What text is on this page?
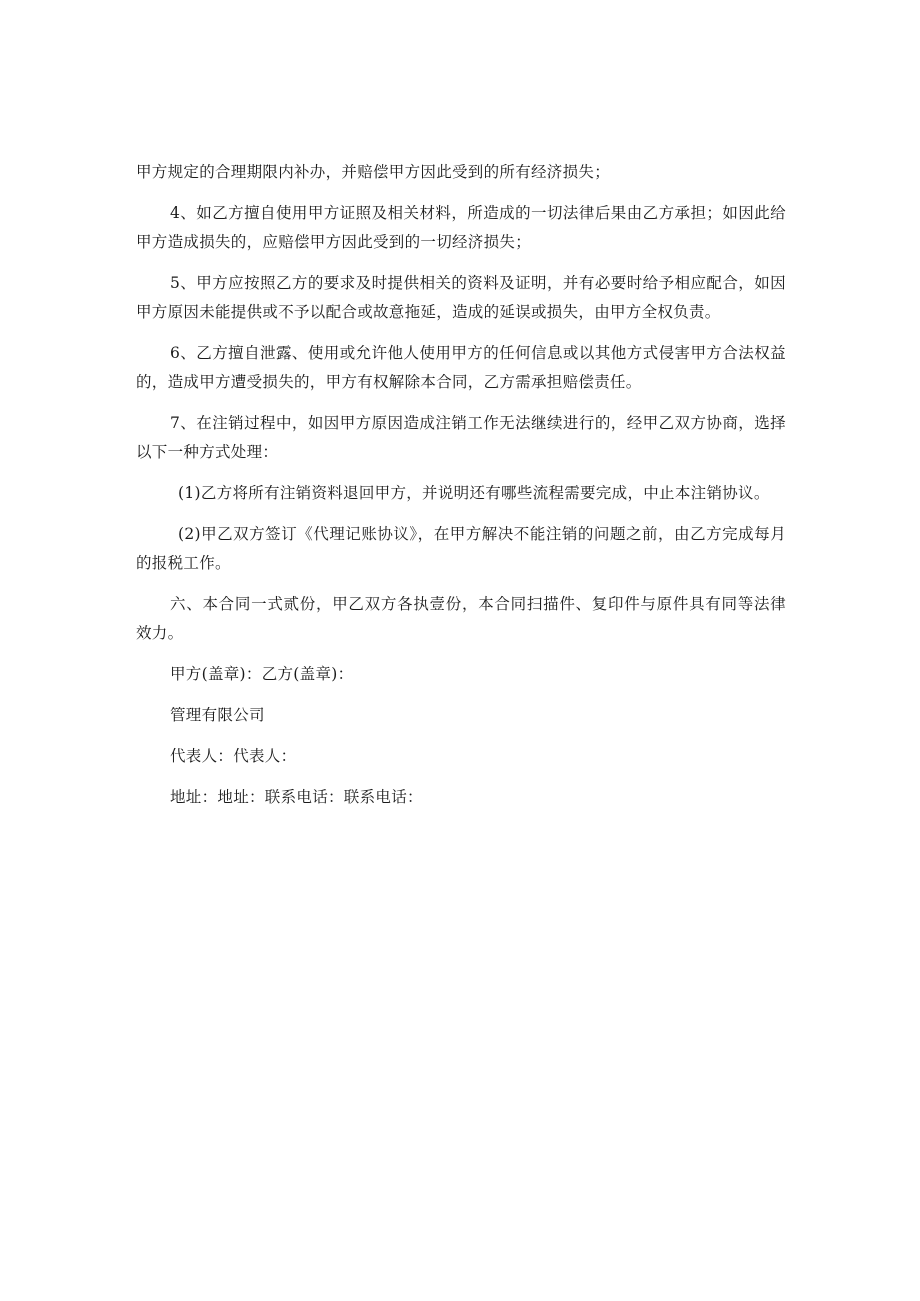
甲方规定的合理期限内补办，并赔偿甲方因此受到的所有经济损失；

4、如乙方擅自使用甲方证照及相关材料，所造成的一切法律后果由乙方承担；如因此给甲方造成损失的，应赔偿甲方因此受到的一切经济损失；

5、甲方应按照乙方的要求及时提供相关的资料及证明，并有必要时给予相应配合，如因甲方原因未能提供或不予以配合或故意拖延，造成的延误或损失，由甲方全权负责。

6、乙方擅自泄露、使用或允许他人使用甲方的任何信息或以其他方式侵害甲方合法权益的，造成甲方遭受损失的，甲方有权解除本合同，乙方需承担赔偿责任。

7、在注销过程中，如因甲方原因造成注销工作无法继续进行的，经甲乙双方协商，选择以下一种方式处理：

(1)乙方将所有注销资料退回甲方，并说明还有哪些流程需要完成，中止本注销协议。

(2)甲乙双方签订《代理记账协议》，在甲方解决不能注销的问题之前，由乙方完成每月的报税工作。

六、本合同一式贰份，甲乙双方各执壹份，本合同扫描件、复印件与原件具有同等法律效力。

甲方(盖章)：乙方(盖章)：
管理有限公司
代表人：代表人：
地址：地址：联系电话：联系电话：
